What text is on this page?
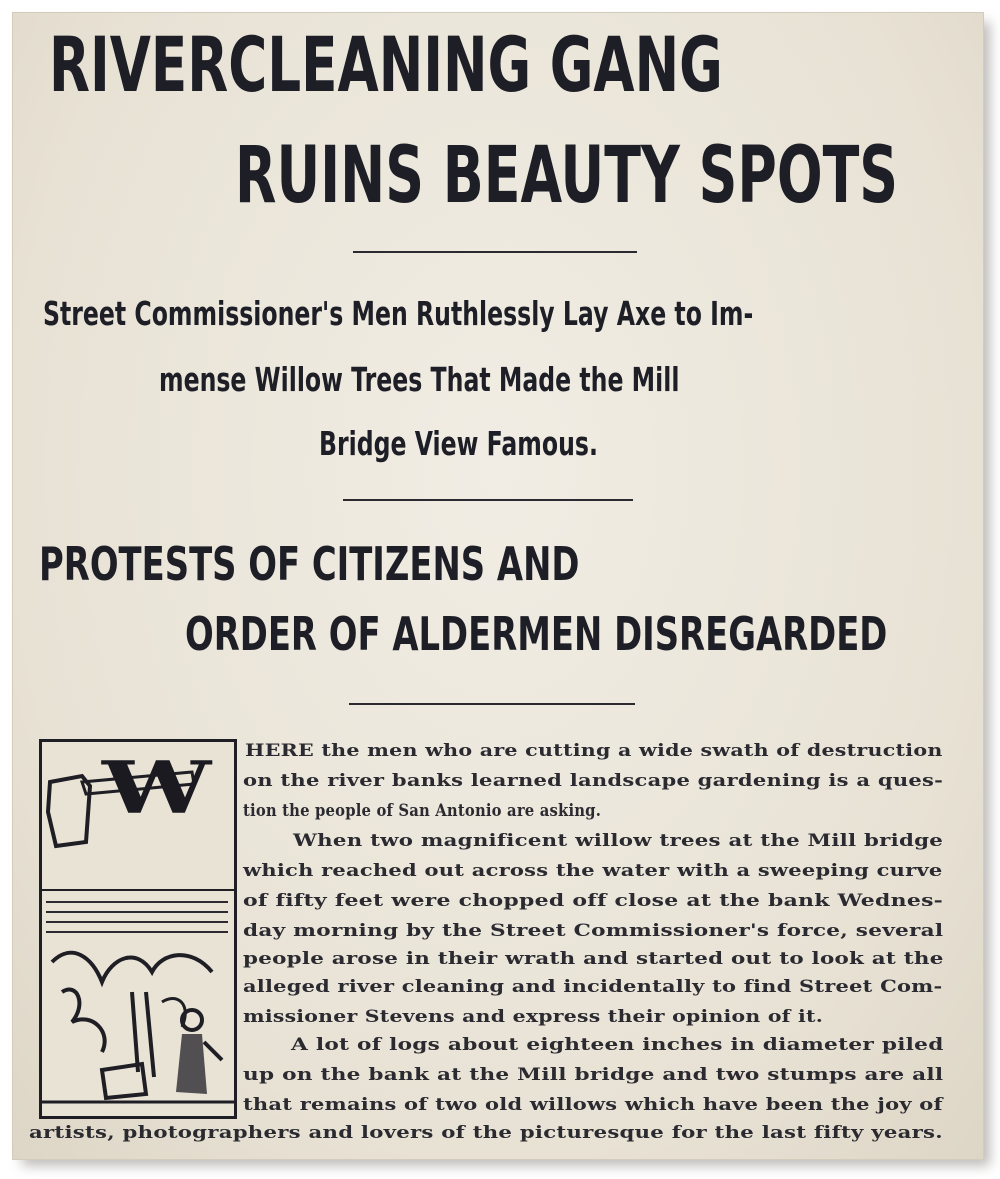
RIVERCLEANING GANG
RUINS BEAUTY SPOTS
Street Commissioner's Men Ruthlessly Lay Axe to Im-
mense Willow Trees That Made the Mill
Bridge View Famous.
PROTESTS OF CITIZENS AND
ORDER OF ALDERMEN DISREGARDED
W HERE the men who are cutting a wide swath of destruction
on the river banks learned landscape gardening is a ques-
tion the people of San Antonio are asking.
When two magnificent willow trees at the Mill bridge
which reached out across the water with a sweeping curve
of fifty feet were chopped off close at the bank Wednes-
day morning by the Street Commissioner's force, several
people arose in their wrath and started out to look at the
alleged river cleaning and incidentally to find Street Com-
missioner Stevens and express their opinion of it.
A lot of logs about eighteen inches in diameter piled
up on the bank at the Mill bridge and two stumps are all
that remains of two old willows which have been the joy of
artists, photographers and lovers of the picturesque for the last fifty years.
